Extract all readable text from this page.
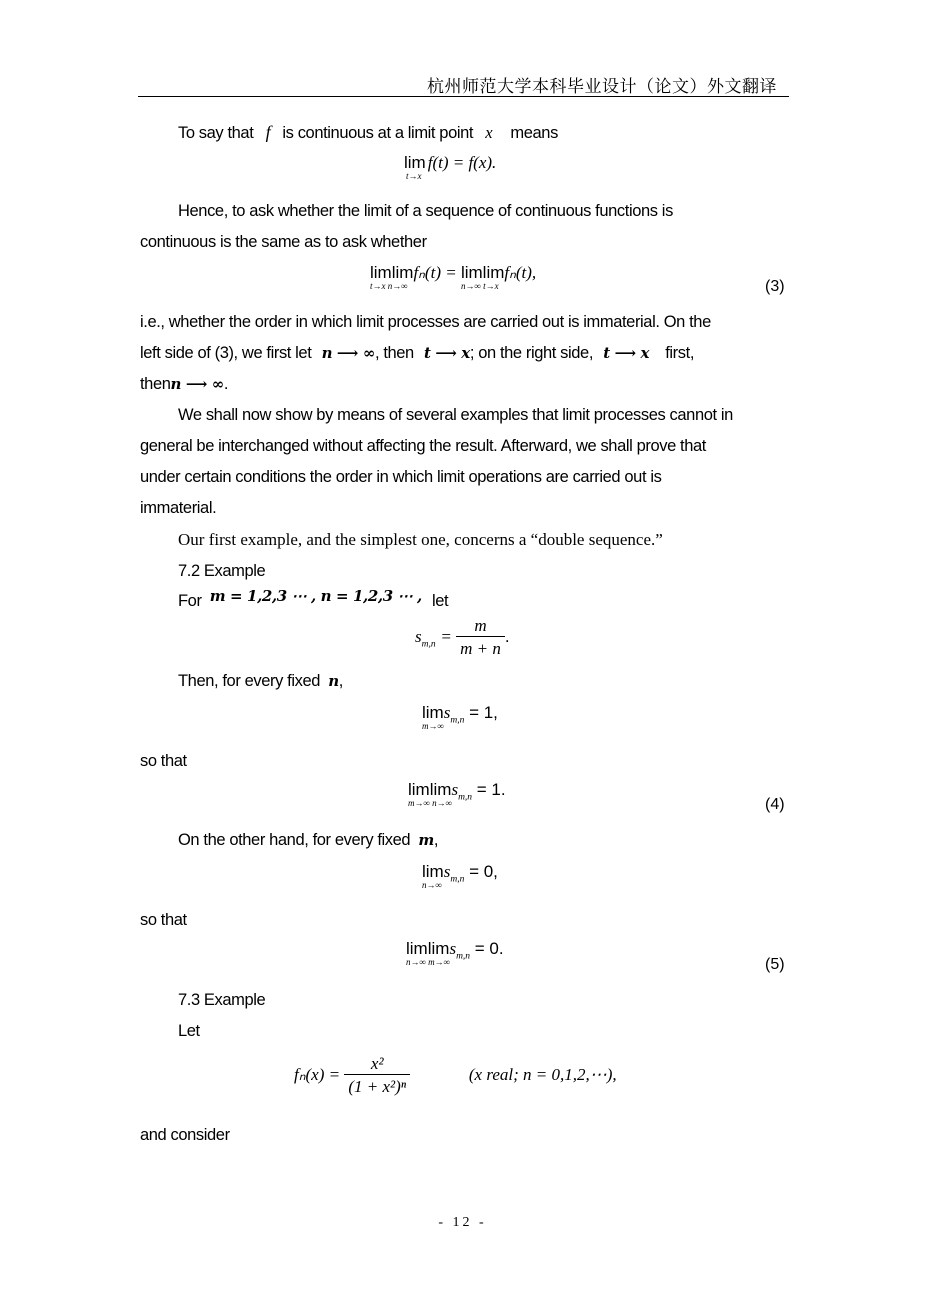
杭州师范大学本科毕业设计（论文）外文翻译
To say that f is continuous at a limit point x means
lim
t→x
f(t) = f(x).
Hence, to ask whether the limit of a sequence of continuous functions is
continuous is the same as to ask whether
limlim
t→x n→∞
fₙ(t) = limlim
n→∞ t→x
fₙ(t),
(3)
i.e., whether the order in which limit processes are carried out is immaterial. On the
left side of (3), we first let n ⟶ ∞, then t ⟶ x; on the right side, t ⟶ x first,
thenn ⟶ ∞.
We shall now show by means of several examples that limit processes cannot in
general be interchanged without affecting the result. Afterward, we shall prove that
under certain conditions the order in which limit operations are carried out is
immaterial.
Our first example, and the simplest one, concerns a “double sequence.”
7.2 Example
For m = 1,2,3 ⋯ , n = 1,2,3 ⋯ , let
$s_{m,n} = \frac{m}{m + n}$ .
Then, for every fixed n,
lim
m→∞
$s_{m,n} = 1$,
so that
limlim
m→∞ n→∞
$s_{m,n} = 1$.
(4)
On the other hand, for every fixed m,
lim
n→∞
$s_{m,n} = 0$,
so that
limlim
n→∞ m→∞
$s_{m,n} = 0$.
(5)
7.3 Example
Let
$f_n(x) = \frac{\text{x²}}{\text{(1 + x²)ⁿ}}$	(x real; n = 0,1,2,⋯),
and consider
- 12 -
